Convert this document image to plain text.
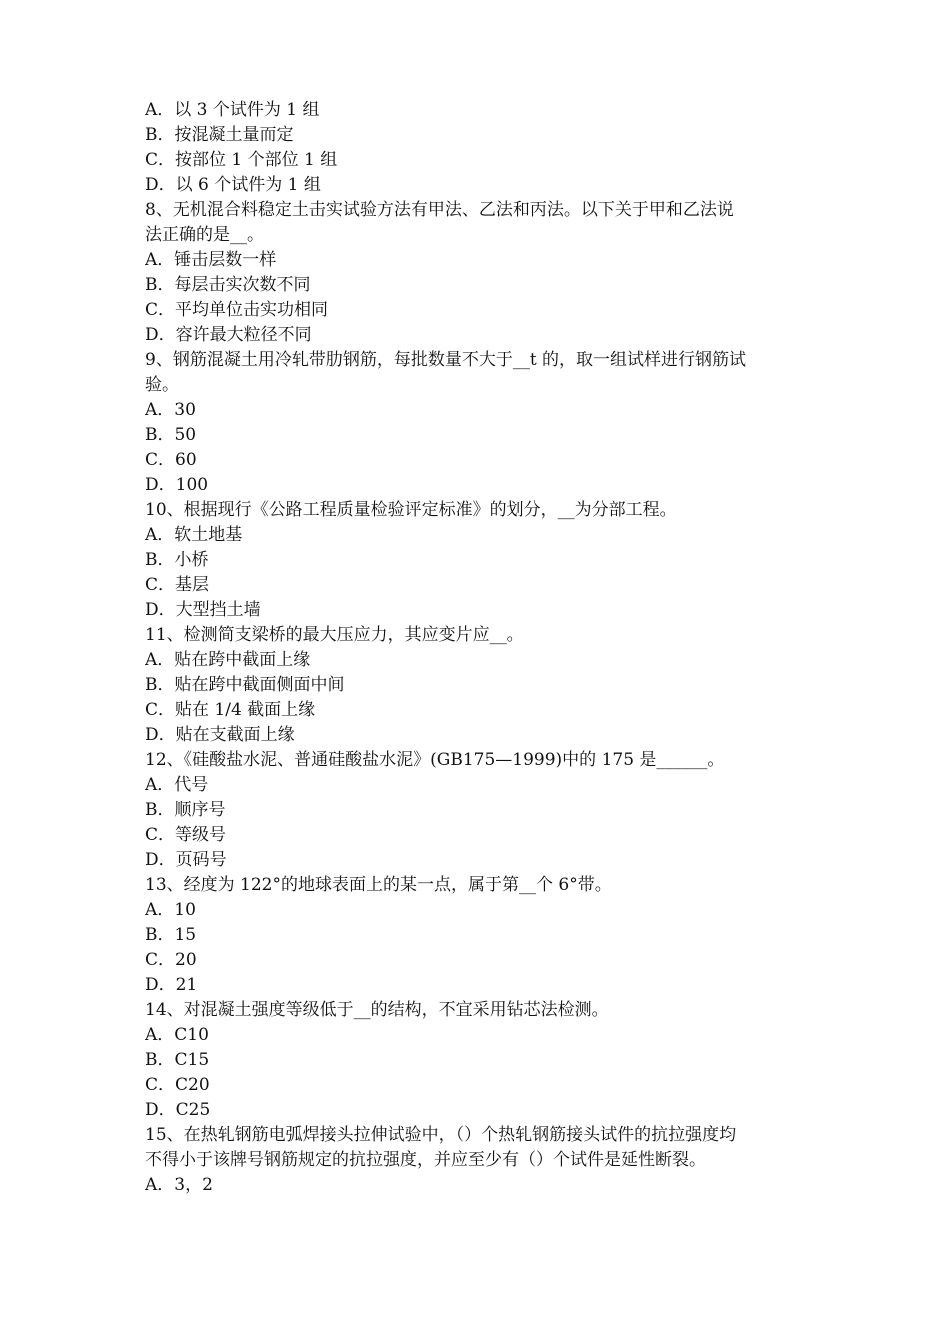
A．以 3 个试件为 1 组
B．按混凝土量而定
C．按部位 1 个部位 1 组
D．以 6 个试件为 1 组
8、无机混合料稳定土击实试验方法有甲法、乙法和丙法。以下关于甲和乙法说
法正确的是__。
A．锤击层数一样
B．每层击实次数不同
C．平均单位击实功相同
D．容许最大粒径不同
9、钢筋混凝土用冷轧带肋钢筋，每批数量不大于__t 的，取一组试样进行钢筋试
验。
A．30
B．50
C．60
D．100
10、根据现行《公路工程质量检验评定标准》的划分，__为分部工程。
A．软土地基
B．小桥
C．基层
D．大型挡土墙
11、检测简支梁桥的最大压应力，其应变片应__。
A．贴在跨中截面上缘
B．贴在跨中截面侧面中间
C．贴在 1/4 截面上缘
D．贴在支截面上缘
12、《硅酸盐水泥、普通硅酸盐水泥》(GB175—1999)中的 175 是______。
A．代号
B．顺序号
C．等级号
D．页码号
13、经度为 122°的地球表面上的某一点，属于第__个 6°带。
A．10
B．15
C．20
D．21
14、对混凝土强度等级低于__的结构，不宜采用钻芯法检测。
A．C10
B．C15
C．C20
D．C25
15、在热轧钢筋电弧焊接头拉伸试验中，（）个热轧钢筋接头试件的抗拉强度均
不得小于该牌号钢筋规定的抗拉强度，并应至少有（）个试件是延性断裂。
A．3，2
